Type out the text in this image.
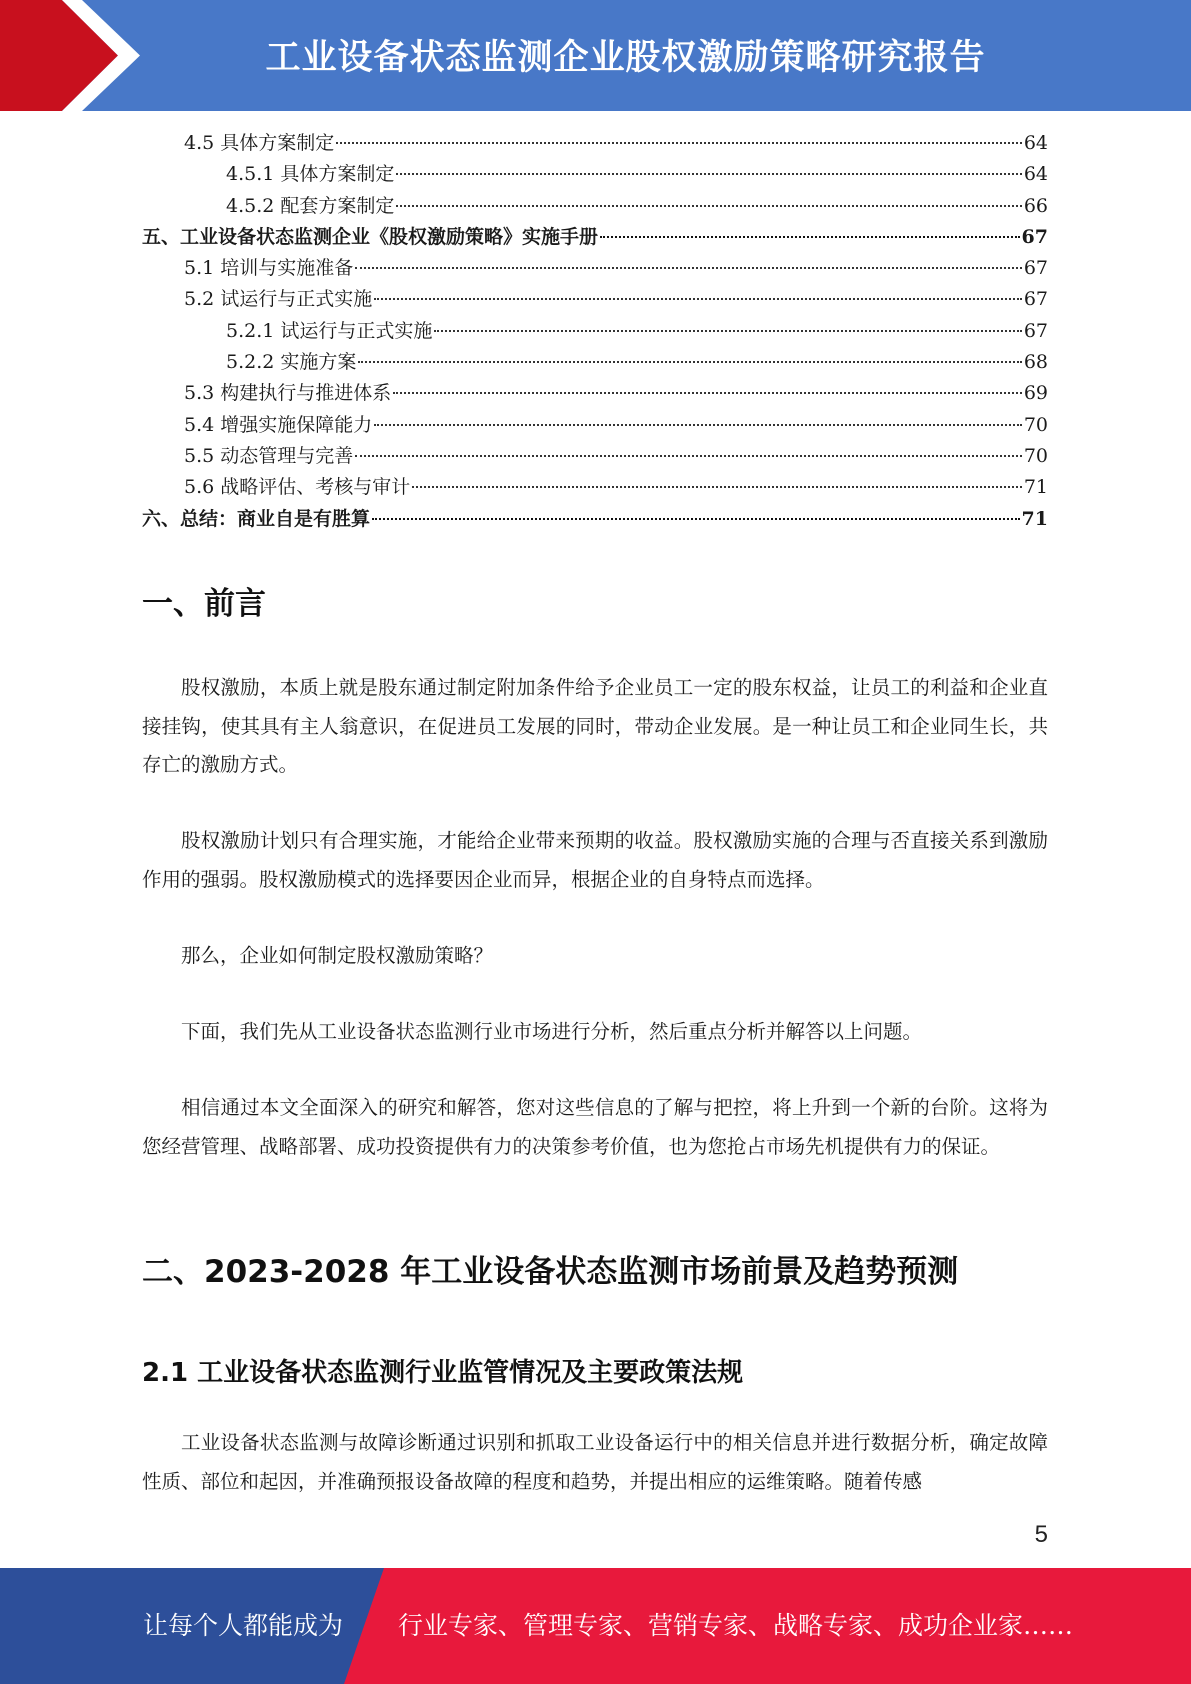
工业设备状态监测企业股权激励策略研究报告
4.5 具体方案制定	64
4.5.1 具体方案制定	64
4.5.2 配套方案制定	66
五、工业设备状态监测企业《股权激励策略》实施手册	67
5.1 培训与实施准备	67
5.2 试运行与正式实施	67
5.2.1 试运行与正式实施	67
5.2.2 实施方案	68
5.3 构建执行与推进体系	69
5.4 增强实施保障能力	70
5.5 动态管理与完善	70
5.6 战略评估、考核与审计	71
六、总结：商业自是有胜算	71
一、前言

股权激励，本质上就是股东通过制定附加条件给予企业员工一定的股东权益，让员工的利益和企业直接挂钩，使其具有主人翁意识，在促进员工发展的同时，带动企业发展。是一种让员工和企业同生长，共存亡的激励方式。

股权激励计划只有合理实施，才能给企业带来预期的收益。股权激励实施的合理与否直接关系到激励作用的强弱。股权激励模式的选择要因企业而异，根据企业的自身特点而选择。

那么，企业如何制定股权激励策略？

下面，我们先从工业设备状态监测行业市场进行分析，然后重点分析并解答以上问题。

相信通过本文全面深入的研究和解答，您对这些信息的了解与把控，将上升到一个新的台阶。这将为您经营管理、战略部署、成功投资提供有力的决策参考价值，也为您抢占市场先机提供有力的保证。

二、2023-2028 年工业设备状态监测市场前景及趋势预测
2.1 工业设备状态监测行业监管情况及主要政策法规

工业设备状态监测与故障诊断通过识别和抓取工业设备运行中的相关信息并进行数据分析，确定故障性质、部位和起因，并准确预报设备故障的程度和趋势，并提出相应的运维策略。随着传感

5
让每个人都能成为 行业专家、管理专家、营销专家、战略专家、成功企业家……
